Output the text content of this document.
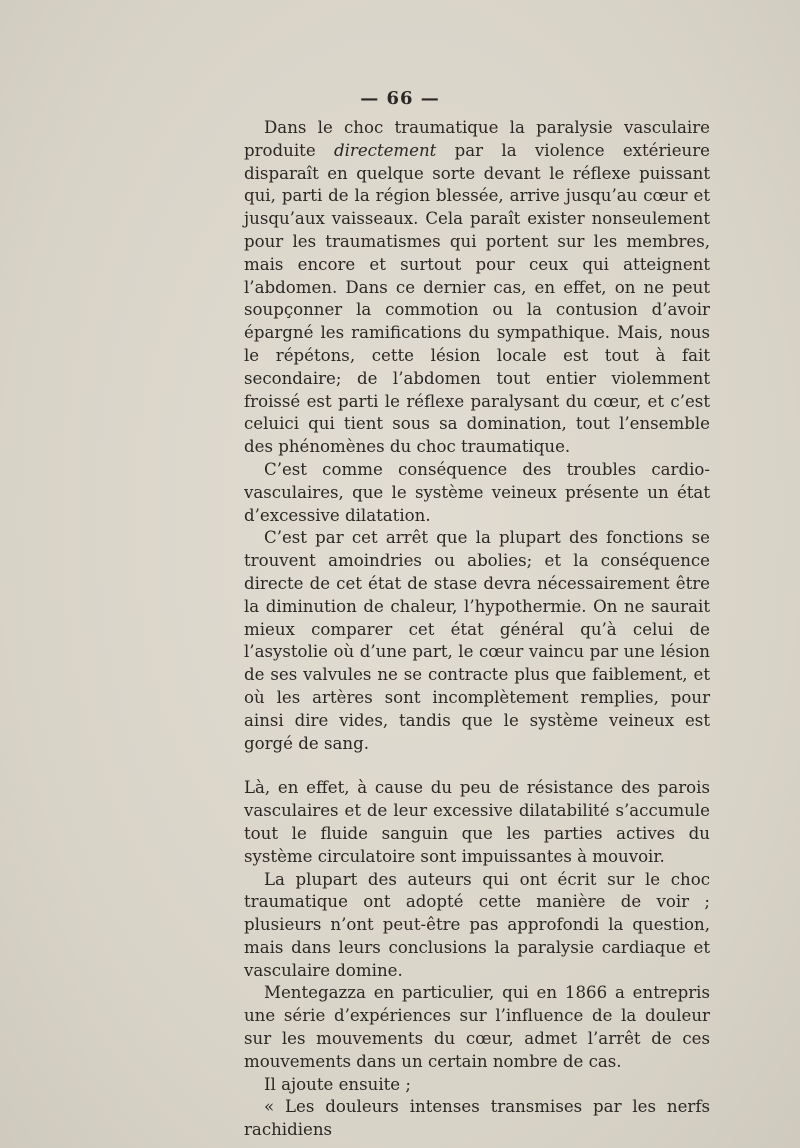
— 66 —

Dans le choc traumatique la paralysie vasculaire produite directement par la violence extérieure disparaît en quelque sorte devant le réflexe puissant qui, parti de la région blessée, arrive jusqu’au cœur et jusqu’aux vaisseaux. Cela paraît exister nonseulement pour les traumatismes qui portent sur les membres, mais encore et surtout pour ceux qui atteignent l’abdomen. Dans ce dernier cas, en effet, on ne peut soupçonner la commotion ou la contusion d’avoir épargné les ramifications du sympathique. Mais, nous le répétons, cette lésion locale est tout à fait secondaire; de l’abdomen tout entier violemment froissé est parti le réflexe paralysant du cœur, et c’est celuici qui tient sous sa domination, tout l’ensemble des phénomènes du choc traumatique.

C’est comme conséquence des troubles cardio-vasculaires, que le système veineux présente un état d’excessive dilatation.

C’est par cet arrêt que la plupart des fonctions se trouvent amoindries ou abolies; et la conséquence directe de cet état de stase devra nécessairement être la diminution de chaleur, l’hypothermie. On ne saurait mieux comparer cet état général qu’à celui de l’asystolie où d’une part, le cœur vaincu par une lésion de ses valvules ne se contracte plus que faiblement, et où les artères sont incomplètement remplies, pour ainsi dire vides, tandis que le système veineux est gorgé de sang.

Là, en effet, à cause du peu de résistance des parois vasculaires et de leur excessive dilatabilité s’accumule tout le fluide sanguin que les parties actives du système circulatoire sont impuissantes à mouvoir.

La plupart des auteurs qui ont écrit sur le choc traumatique ont adopté cette manière de voir ; plusieurs n’ont peut-être pas approfondi la question, mais dans leurs conclusions la paralysie cardiaque et vasculaire domine.

Mentegazza en particulier, qui en 1866 a entrepris une série d’expériences sur l’influence de la douleur sur les mouvements du cœur, admet l’arrêt de ces mouvements dans un certain nombre de cas.

Il ajoute ensuite ;

« Les douleurs intenses transmises par les nerfs rachidiens
